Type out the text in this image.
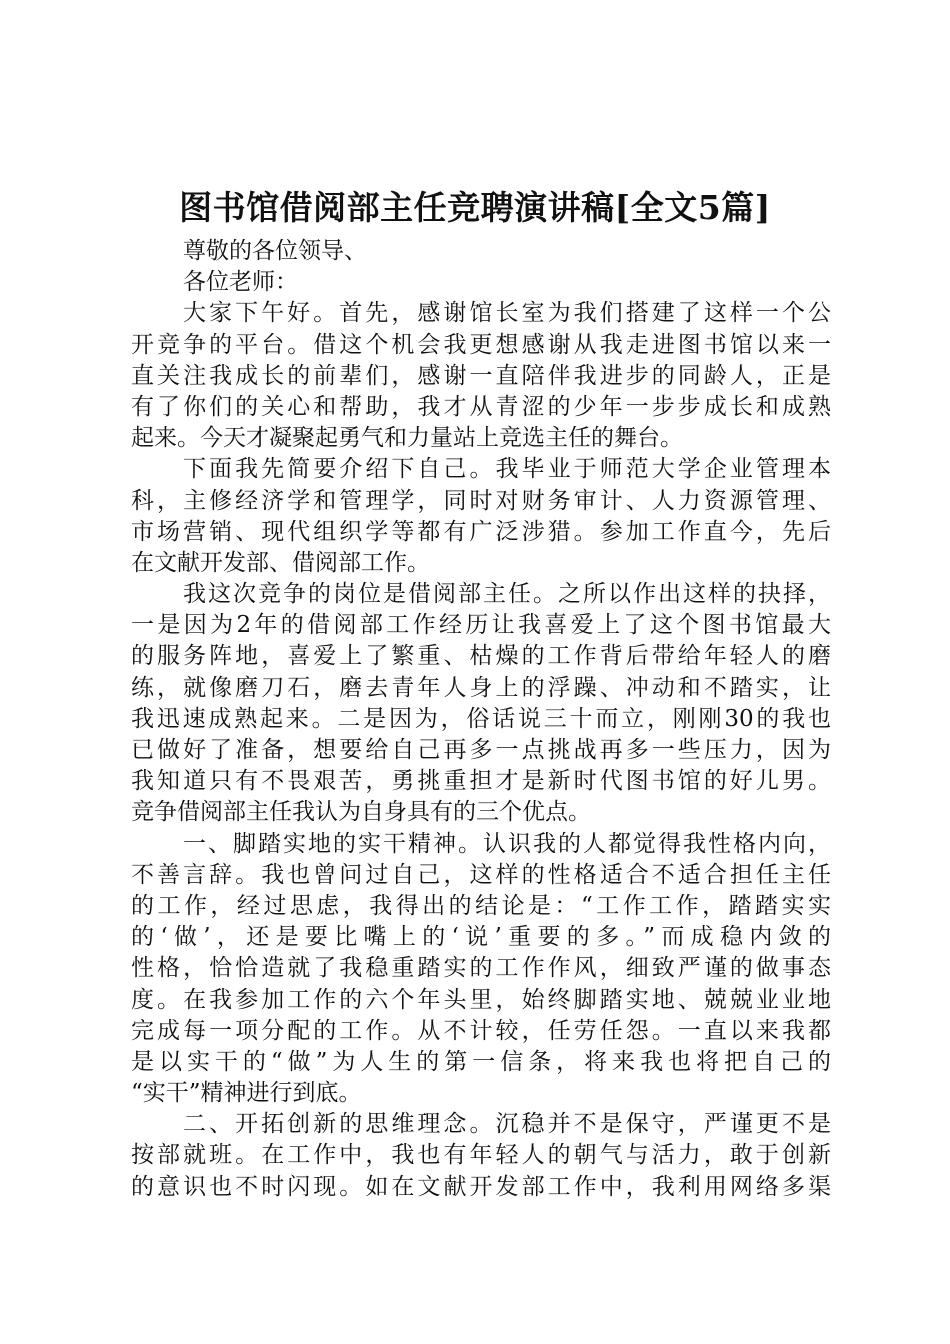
图书馆借阅部主任竞聘演讲稿[全文5篇]
尊敬的各位领导、
各位老师：
大家下午好。首先，感谢馆长室为我们搭建了这样一个公
开竞争的平台。借这个机会我更想感谢从我走进图书馆以来一
直关注我成长的前辈们，感谢一直陪伴我进步的同龄人，正是
有了你们的关心和帮助，我才从青涩的少年一步步成长和成熟
起来。今天才凝聚起勇气和力量站上竞选主任的舞台。
下面我先简要介绍下自己。我毕业于师范大学企业管理本
科，主修经济学和管理学，同时对财务审计、人力资源管理、
市场营销、现代组织学等都有广泛涉猎。参加工作直今，先后
在文献开发部、借阅部工作。
我这次竞争的岗位是借阅部主任。之所以作出这样的抉择，
一是因为2年的借阅部工作经历让我喜爱上了这个图书馆最大
的服务阵地，喜爱上了繁重、枯燥的工作背后带给年轻人的磨
练，就像磨刀石，磨去青年人身上的浮躁、冲动和不踏实，让
我迅速成熟起来。二是因为，俗话说三十而立，刚刚30的我也
已做好了准备，想要给自己再多一点挑战再多一些压力，因为
我知道只有不畏艰苦，勇挑重担才是新时代图书馆的好儿男。
竞争借阅部主任我认为自身具有的三个优点。
一、脚踏实地的实干精神。认识我的人都觉得我性格内向，
不善言辞。我也曾问过自己，这样的性格适合不适合担任主任
的工作，经过思虑，我得出的结论是：“工作工作，踏踏实实
的‘做’，还是要比嘴上的‘说’重要的多。”而成稳内敛的
性格，恰恰造就了我稳重踏实的工作作风，细致严谨的做事态
度。在我参加工作的六个年头里，始终脚踏实地、兢兢业业地
完成每一项分配的工作。从不计较，任劳任怨。一直以来我都
是以实干的“做”为人生的第一信条，将来我也将把自己的
“实干”精神进行到底。
二、开拓创新的思维理念。沉稳并不是保守，严谨更不是
按部就班。在工作中，我也有年轻人的朝气与活力，敢于创新
的意识也不时闪现。如在文献开发部工作中，我利用网络多渠
